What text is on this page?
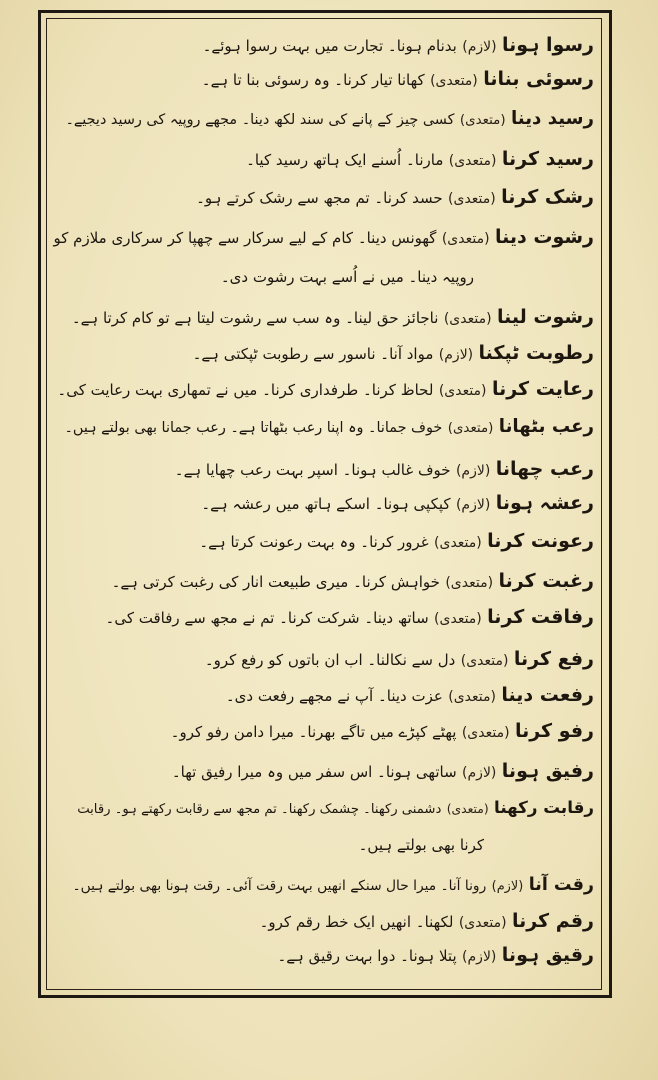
رسوا ہونا (لازم) بدنام ہونا۔ تجارت میں بہت رسوا ہوئے۔
رسوئی بنانا (متعدی) کھانا تیار کرنا۔ وہ رسوئی بنا تا ہے۔
رسید دینا (متعدی) کسی چیز کے پانے کی سند لکھ دینا۔ مجھے روپیہ کی رسید دیجیے۔
رسید کرنا (متعدی) مارنا۔ اُسنے ایک ہاتھ رسید کیا۔
رشک کرنا (متعدی) حسد کرنا۔ تم مجھ سے رشک کرتے ہو۔
رشوت دینا (متعدی) گھونس دینا۔ کام کے لیے سرکار سے چھپا کر سرکاری ملازم کو
روپیہ دینا۔ میں نے اُسے بہت رشوت دی۔
رشوت لینا (متعدی) ناجائز حق لینا۔ وہ سب سے رشوت لیتا ہے تو کام کرتا ہے۔
رطوبت ٹپکنا (لازم) مواد آنا۔ ناسور سے رطوبت ٹپکتی ہے۔
رعایت کرنا (متعدی) لحاظ کرنا۔ طرفداری کرنا۔ میں نے تمھاری بہت رعایت کی۔
رعب بٹھانا (متعدی) خوف جمانا۔ وہ اپنا رعب بٹھاتا ہے۔ رعب جمانا بھی بولتے ہیں۔
رعب چھانا (لازم) خوف غالب ہونا۔ اسپر بہت رعب چھایا ہے۔
رعشہ ہونا (لازم) کپکپی ہونا۔ اسکے ہاتھ میں رعشہ ہے۔
رعونت کرنا (متعدی) غرور کرنا۔ وہ بہت رعونت کرتا ہے۔
رغبت کرنا (متعدی) خواہش کرنا۔ میری طبیعت انار کی رغبت کرتی ہے۔
رفاقت کرنا (متعدی) ساتھ دینا۔ شرکت کرنا۔ تم نے مجھ سے رفاقت کی۔
رفع کرنا (متعدی) دل سے نکالنا۔ اب ان باتوں کو رفع کرو۔
رفعت دینا (متعدی) عزت دینا۔ آپ نے مجھے رفعت دی۔
رفو کرنا (متعدی) پھٹے کپڑے میں تاگے بھرنا۔ میرا دامن رفو کرو۔
رفیق ہونا (لازم) ساتھی ہونا۔ اس سفر میں وہ میرا رفیق تھا۔
رقابت رکھنا (متعدی) دشمنی رکھنا۔ چشمک رکھنا۔ تم مجھ سے رقابت رکھتے ہو۔ رقابت
کرنا بھی بولتے ہیں۔
رقت آنا (لازم) رونا آنا۔ میرا حال سنکے انھیں بہت رقت آئی۔ رقت ہونا بھی بولتے ہیں۔
رقم کرنا (متعدی) لکھنا۔ انھیں ایک خط رقم کرو۔
رقیق ہونا (لازم) پتلا ہونا۔ دوا بہت رقیق ہے۔
